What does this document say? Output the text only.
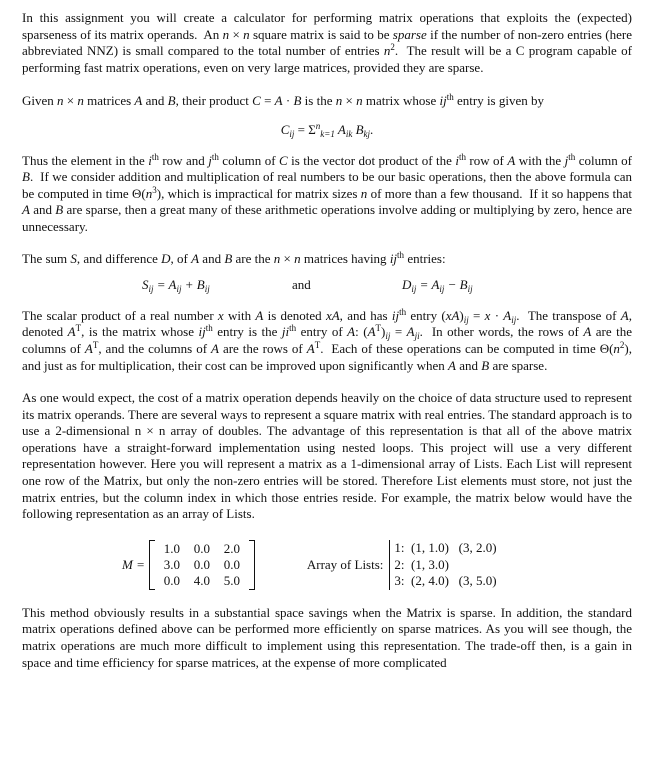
In this assignment you will create a calculator for performing matrix operations that exploits the (expected) sparseness of its matrix operands.  An n × n square matrix is said to be sparse if the number of non-zero entries (here abbreviated NNZ) is small compared to the total number of entries $n^2$.  The result will be a C program capable of performing fast matrix operations, even on very large matrices, provided they are sparse.

Given n × n matrices A and B, their product C = A · B is the n × n matrix whose $ij^{th}$ entry is given by

$C_{ij} = \Sigma^n_{k=1}$ $A_{ik}$ $B_{kj}$.

Thus the element in the $i^{th}$ row and $j^{th}$ column of C is the vector dot product of the $i^{th}$ row of A with the $j^{th}$ column of B.  If we consider addition and multiplication of real numbers to be our basic operations, then the above formula can be computed in time $\Theta(n^3)$, which is impractical for matrix sizes n of more than a few thousand.  If it so happens that A and B are sparse, then a great many of these arithmetic operations involve adding or multiplying by zero, hence are unnecessary.

The sum S, and difference D, of A and B are the n × n matrices having $ij^{th}$ entries:

$S_{ij} = A_{ij} + B_{ij}$	and	$D_{ij} = A_{ij} - B_{ij}$

The scalar product of a real number x with A is denoted xA, and has $ij^{th}$ entry $(xA)_{ij} = x \cdot A_{ij}$.  The transpose of A, denoted $A^T$, is the matrix whose $ij^{th}$ entry is the $ji^{th}$ entry of A: $(A^T)_{ij} = A_{ji}$.  In other words, the rows of A are the columns of $A^T$, and the columns of A are the rows of $A^T$.  Each of these operations can be computed in time $\Theta(n^2)$, and just as for multiplication, their cost can be improved upon significantly when A and B are sparse.

As one would expect, the cost of a matrix operation depends heavily on the choice of data structure used to represent its matrix operands. There are several ways to represent a square matrix with real entries. The standard approach is to use a 2-dimensional n × n array of doubles. The advantage of this representation is that all of the above matrix operations have a straight-forward implementation using nested loops. This project will use a very different representation however. Here you will represent a matrix as a 1-dimensional array of Lists. Each List will represent one row of the Matrix, but only the non-zero entries will be stored. Therefore List elements must store, not just the matrix entries, but the column index in which those entries reside. For example, the matrix below would have the following representation as an array of Lists.

M =
1.0	0.0	2.0
3.0	0.0	0.0
0.0	4.0	5.0
Array of Lists:
1:  (1, 1.0)   (3, 2.0)
2:  (1, 3.0)
3:  (2, 4.0)   (3, 5.0)

This method obviously results in a substantial space savings when the Matrix is sparse. In addition, the standard matrix operations defined above can be performed more efficiently on sparse matrices. As you will see though, the matrix operations are much more difficult to implement using this representation. The trade-off then, is a gain in space and time efficiency for sparse matrices, at the expense of more complicated
